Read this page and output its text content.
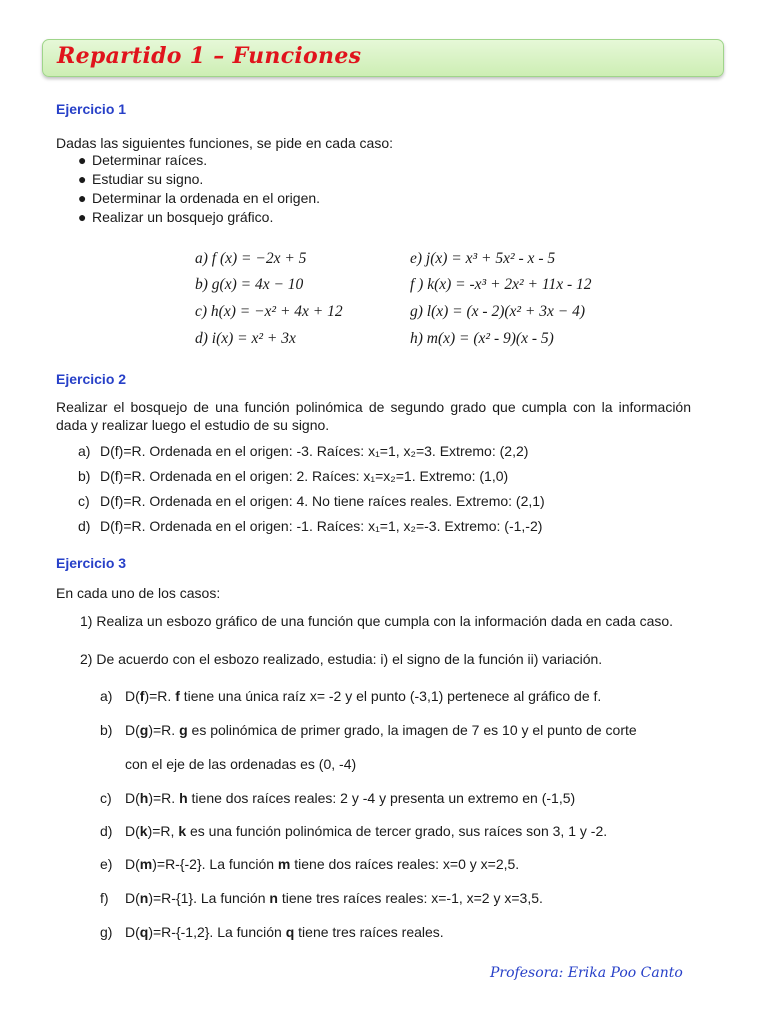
Repartido 1 – Funciones
Ejercicio 1
Dadas las siguientes funciones, se pide en cada caso:
● Determinar raíces.
● Estudiar su signo.
● Determinar la ordenada en el origen.
● Realizar un bosquejo gráfico.
a) f (x) = −2x + 5
b) g(x) = 4x − 10
c) h(x) = −x² + 4x + 12
d) i(x) = x² + 3x
e) j(x) = x³ + 5x² - x - 5
f ) k(x) = -x³ + 2x² + 11x - 12
g) l(x) = (x - 2)(x² + 3x − 4)
h) m(x) = (x² - 9)(x - 5)
Ejercicio 2
Realizar el bosquejo de una función polinómica de segundo grado que cumpla con la información dada y realizar luego el estudio de su signo.
a) D(f)=R. Ordenada en el origen: -3. Raíces: x₁=1, x₂=3. Extremo: (2,2)
b) D(f)=R. Ordenada en el origen: 2. Raíces: x₁=x₂=1. Extremo: (1,0)
c) D(f)=R. Ordenada en el origen: 4. No tiene raíces reales. Extremo: (2,1)
d) D(f)=R. Ordenada en el origen: -1. Raíces: x₁=1, x₂=-3. Extremo: (-1,-2)
Ejercicio 3
En cada uno de los casos:
1) Realiza un esbozo gráfico de una función que cumpla con la información dada en cada caso.
2) De acuerdo con el esbozo realizado, estudia: i) el signo de la función ii) variación.
a) D(f)=R. f tiene una única raíz x= -2 y el punto (-3,1) pertenece al gráfico de f.
b) D(g)=R. g es polinómica de primer grado, la imagen de 7 es 10 y el punto de corte
con el eje de las ordenadas es (0, -4)
c) D(h)=R. h tiene dos raíces reales: 2 y -4 y presenta un extremo en (-1,5)
d) D(k)=R, k es una función polinómica de tercer grado, sus raíces son 3, 1 y -2.
e) D(m)=R-{-2}. La función m tiene dos raíces reales: x=0 y x=2,5.
f) D(n)=R-{1}. La función n tiene tres raíces reales: x=-1, x=2 y x=3,5.
g) D(q)=R-{-1,2}. La función q tiene tres raíces reales.
Profesora: Erika Poo Canto
